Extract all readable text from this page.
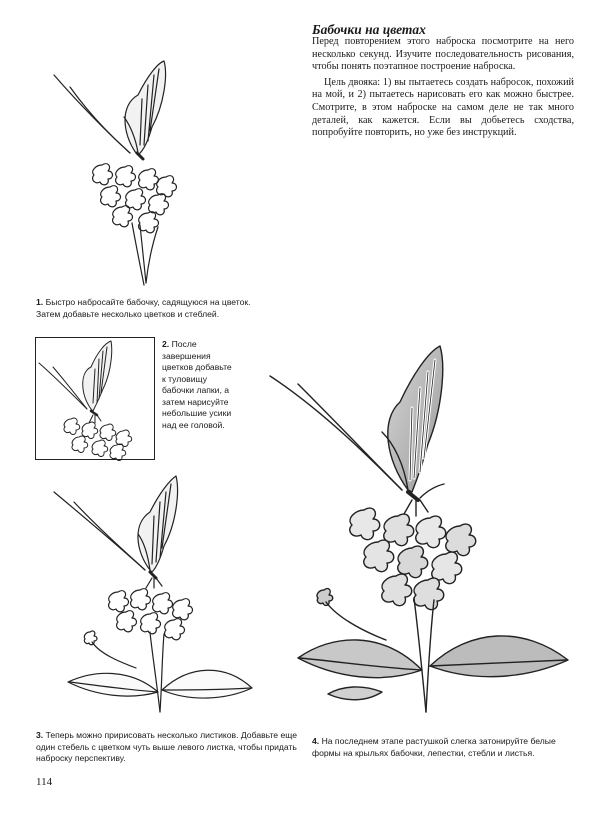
Бабочки на цветах

Перед повторением этого наброска посмотрите на него несколько секунд. Изучите последовательность рисования, чтобы понять поэтапное построение наброска.

Цель двояка: 1) вы пытаетесь создать набросок, похожий на мой, и 2) пытаетесь нарисовать его как можно быстрее. Смотрите, в этом наброске на самом деле не так много деталей, как кажется. Если вы добьетесь сходства, попробуйте повторить, но уже без инструкций.

1. Быстро набросайте бабочку, садящуюся на цветок. Затем добавьте несколько цветков и стеблей.

2. После завершения цветков добавьте к туловищу бабочки лапки, а затем нарисуйте небольшие усики над ее головой.

3. Теперь можно пририсовать несколько листиков. Добавьте еще один стебель с цветком чуть выше левого листка, чтобы придать наброску перспективу.

4. На последнем этапе растушкой слегка затонируйте белые формы на крыльях бабочки, лепестки, стебли и листья.

114
